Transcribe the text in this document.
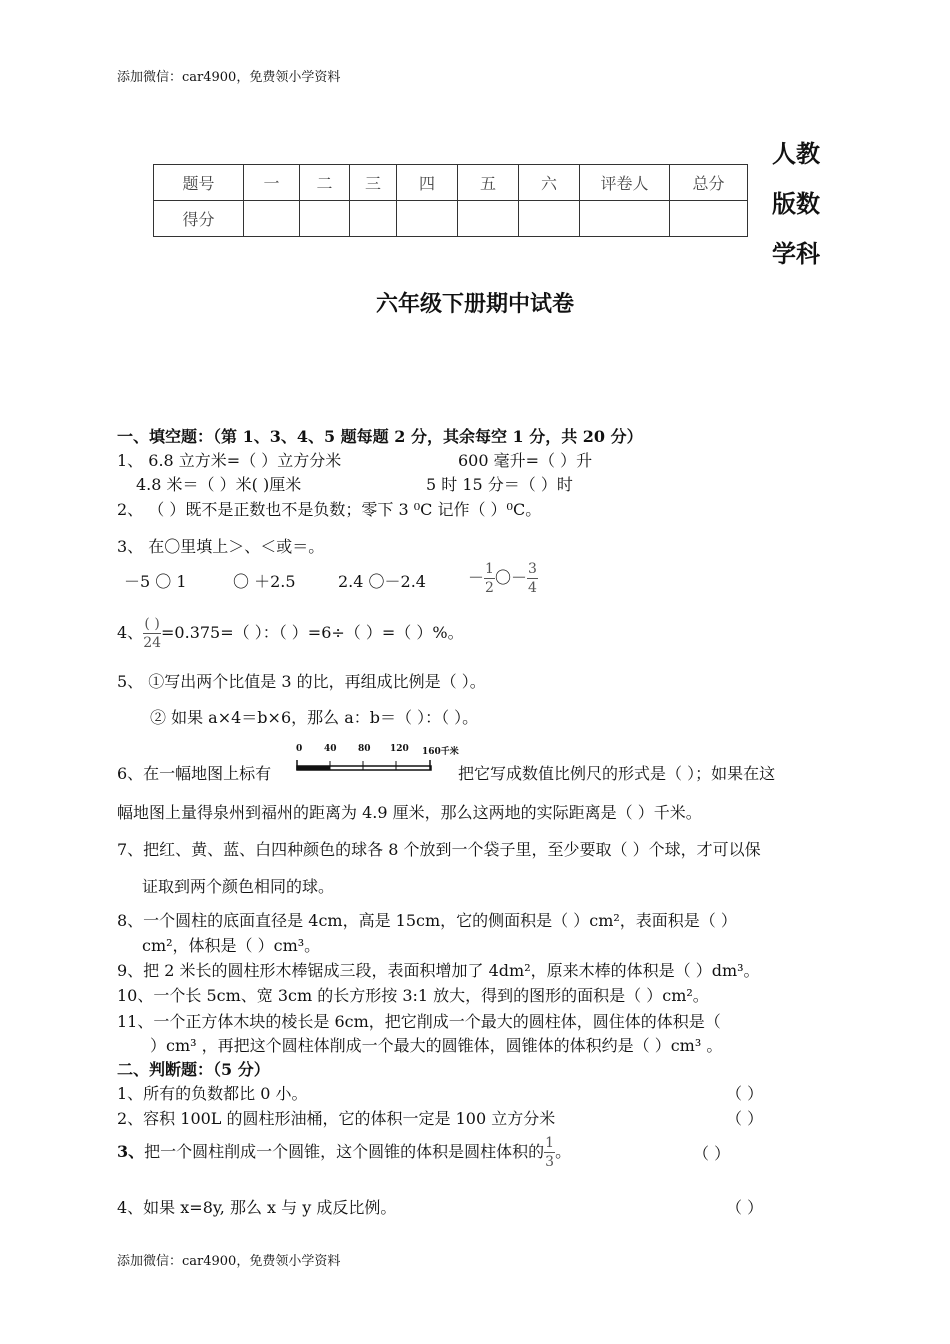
添加微信：car4900，免费领小学资料
题号	一	二	三	四	五	六	评卷人	总分
得分								
人教
版数
学科
六年级下册期中试卷
一、填空题：（第 1、3、4、5 题每题 2 分，其余每空 1 分，共 20 分）
1、 6.8 立方米=（ ）立方分米	600 毫升=（ ）升
4.8 米＝（ ）米( )厘米	5 时 15 分＝（ ）时
2、 （ ）既不是正数也不是负数；零下 3 ⁰C 记作（ ）⁰C。
3、 在〇里填上＞、＜或＝。
－5 〇 1	〇 ＋2.5	2.4 〇－2.4	－ $\frac{1}{2}$ 〇－ $\frac{3}{4}$
4、 $\frac{( )}{24} =0.375=$（ ）：（ ）=6÷（ ）=（ ）%。
5、 ①写出两个比值是 3 的比，再组成比例是（ ）。
② 如果 a×4＝b×6，那么 a：b＝（ ）：（ ）。
6、在一幅地图上标有
0 40 80 120 160千米
把它写成数值比例尺的形式是（ ）；如果在这
幅地图上量得泉州到福州的距离为 4.9 厘米，那么这两地的实际距离是（ ）千米。
7、把红、黄、蓝、白四种颜色的球各 8 个放到一个袋子里，至少要取（ ）个球，才可以保
证取到两个颜色相同的球。
8、一个圆柱的底面直径是 4cm，高是 15cm，它的侧面积是（ ）cm²，表面积是（ ）
cm²，体积是（ ）cm³。
9、把 2 米长的圆柱形木棒锯成三段，表面积增加了 4dm²，原来木棒的体积是（ ）dm³。
10、一个长 5cm、宽 3cm 的长方形按 3:1 放大，得到的图形的面积是（ ）cm²。
11、一个正方体木块的棱长是 6cm，把它削成一个最大的圆柱体，圆住体的体积是（
）cm³ ，再把这个圆柱体削成一个最大的圆锥体，圆锥体的体积约是（ ）cm³ 。
二、判断题：（5 分）
1、所有的负数都比 0 小。	（ ）
2、容积 100L 的圆柱形油桶，它的体积一定是 100 立方分米	（ ）
3、把一个圆柱削成一个圆锥，这个圆锥的体积是圆柱体积的 $\frac{1}{3}$ 。	（ ）
4、如果 x=8y, 那么 x 与 y 成反比例。	（ ）
添加微信：car4900，免费领小学资料
